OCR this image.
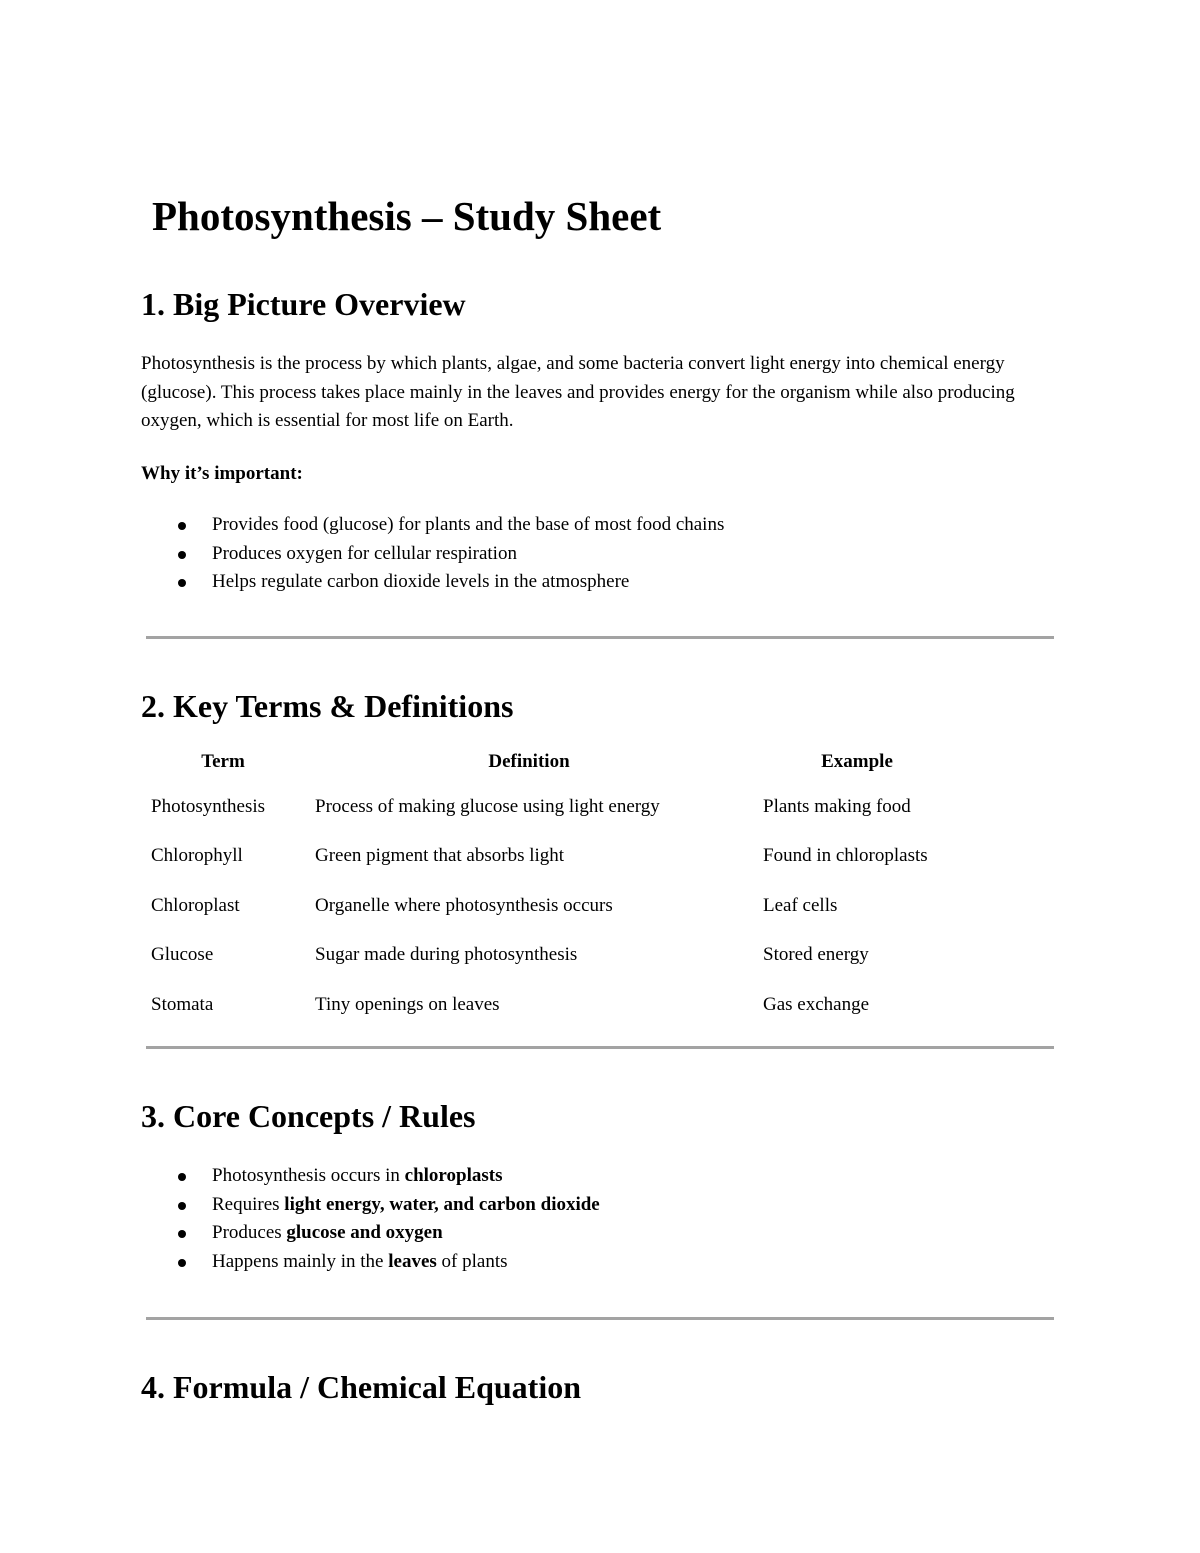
Photosynthesis – Study Sheet
1. Big Picture Overview

Photosynthesis is the process by which plants, algae, and some bacteria convert light energy into chemical energy (glucose). This process takes place mainly in the leaves and provides energy for the organism while also producing oxygen, which is essential for most life on Earth.

Why it’s important:

Provides food (glucose) for plants and the base of most food chains
Produces oxygen for cellular respiration
Helps regulate carbon dioxide levels in the atmosphere
2. Key Terms & Definitions
Term	Definition	Example
Photosynthesis	Process of making glucose using light energy	Plants making food
Chlorophyll	Green pigment that absorbs light	Found in chloroplasts
Chloroplast	Organelle where photosynthesis occurs	Leaf cells
Glucose	Sugar made during photosynthesis	Stored energy
Stomata	Tiny openings on leaves	Gas exchange
3. Core Concepts / Rules
Photosynthesis occurs in chloroplasts
Requires light energy, water, and carbon dioxide
Produces glucose and oxygen
Happens mainly in the leaves of plants
4. Formula / Chemical Equation
